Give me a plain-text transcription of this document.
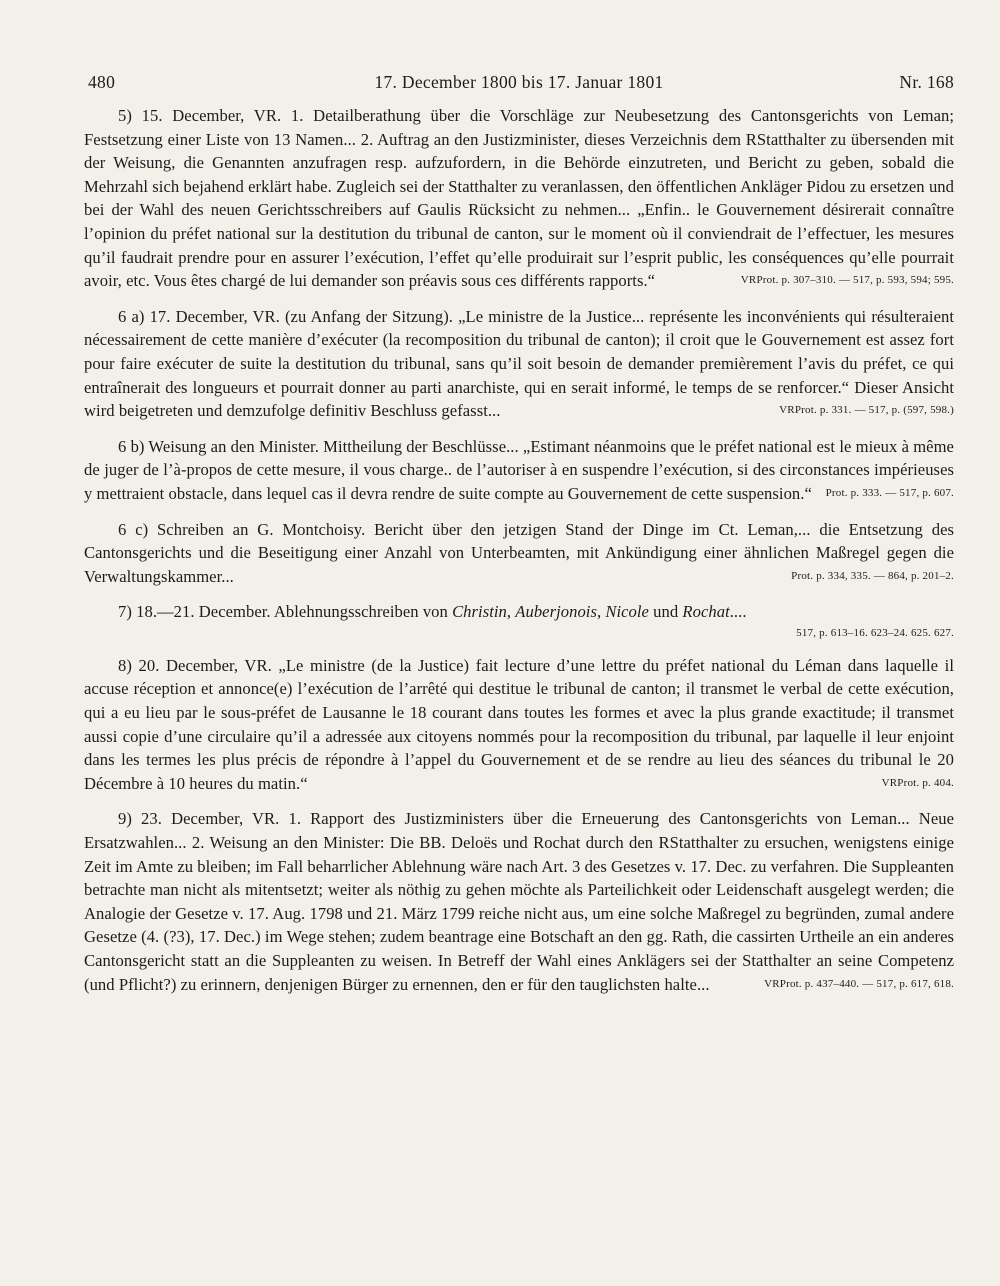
480	17. December 1800 bis 17. Januar 1801	Nr. 168

5) 15. December, VR. 1. Detailberathung über die Vorschläge zur Neubesetzung des Cantonsgerichts von Leman; Festsetzung einer Liste von 13 Namen... 2. Auftrag an den Justizminister, dieses Verzeichnis dem RStatthalter zu übersenden mit der Weisung, die Genannten anzufragen resp. aufzufordern, in die Behörde einzutreten, und Bericht zu geben, sobald die Mehrzahl sich bejahend erklärt habe. Zugleich sei der Statthalter zu veranlassen, den öffentlichen Ankläger Pidou zu ersetzen und bei der Wahl des neuen Gerichtsschreibers auf Gaulis Rücksicht zu nehmen... „Enfin.. le Gouvernement désirerait connaître l’opinion du préfet national sur la destitution du tribunal de canton, sur le moment où il conviendrait de l’effectuer, les mesures qu’il faudrait prendre pour en assurer l’exécution, l’effet qu’elle produirait sur l’esprit public, les conséquences qu’elle pourrait avoir, etc. Vous êtes chargé de lui demander son préavis sous ces différents rapports.“	VRProt. p. 307–310. — 517, p. 593, 594; 595.

6 a) 17. December, VR. (zu Anfang der Sitzung). „Le ministre de la Justice... représente les inconvénients qui résulteraient nécessairement de cette manière d’exécuter (la recomposition du tribunal de canton); il croit que le Gouvernement est assez fort pour faire exécuter de suite la destitution du tribunal, sans qu’il soit besoin de demander premièrement l’avis du préfet, ce qui entraînerait des longueurs et pourrait donner au parti anarchiste, qui en serait informé, le temps de se renforcer.“ Dieser Ansicht wird beigetreten und demzufolge definitiv Beschluss gefasst...	VRProt. p. 331. — 517, p. (597, 598.)

6 b) Weisung an den Minister. Mittheilung der Beschlüsse... „Estimant néanmoins que le préfet national est le mieux à même de juger de l’à-propos de cette mesure, il vous charge.. de l’autoriser à en suspendre l’exécution, si des circonstances impérieuses y mettraient obstacle, dans lequel cas il devra rendre de suite compte au Gouvernement de cette suspension.“	Prot. p. 333. — 517, p. 607.

6 c) Schreiben an G. Montchoisy. Bericht über den jetzigen Stand der Dinge im Ct. Leman,... die Entsetzung des Cantonsgerichts und die Beseitigung einer Anzahl von Unterbeamten, mit Ankündigung einer ähnlichen Maßregel gegen die Verwaltungskammer...	Prot. p. 334, 335. — 864, p. 201–2.

7) 18.—21. December. Ablehnungsschreiben von Christin, Auberjonois, Nicole und Rochat....
517, p. 613–16. 623–24. 625. 627.

8) 20. December, VR. „Le ministre (de la Justice) fait lecture d’une lettre du préfet national du Léman dans laquelle il accuse réception et annonce(e) l’exécution de l’arrêté qui destitue le tribunal de canton; il transmet le verbal de cette exécution, qui a eu lieu par le sous-préfet de Lausanne le 18 courant dans toutes les formes et avec la plus grande exactitude; il transmet aussi copie d’une circulaire qu’il a adressée aux citoyens nommés pour la recomposition du tribunal, par laquelle il leur enjoint dans les termes les plus précis de répondre à l’appel du Gouvernement et de se rendre au lieu des séances du tribunal le 20 Décembre à 10 heures du matin.“	VRProt. p. 404.

9) 23. December, VR. 1. Rapport des Justizministers über die Erneuerung des Cantonsgerichts von Leman... Neue Ersatzwahlen... 2. Weisung an den Minister: Die BB. Deloës und Rochat durch den RStatthalter zu ersuchen, wenigstens einige Zeit im Amte zu bleiben; im Fall beharrlicher Ablehnung wäre nach Art. 3 des Gesetzes v. 17. Dec. zu verfahren. Die Suppleanten betrachte man nicht als mitentsetzt; weiter als nöthig zu gehen möchte als Parteilichkeit oder Leidenschaft ausgelegt werden; die Analogie der Gesetze v. 17. Aug. 1798 und 21. März 1799 reiche nicht aus, um eine solche Maßregel zu begründen, zumal andere Gesetze (4. (?3), 17. Dec.) im Wege stehen; zudem beantrage eine Botschaft an den gg. Rath, die cassirten Urtheile an ein anderes Cantonsgericht statt an die Suppleanten zu weisen. In Betreff der Wahl eines Anklägers sei der Statthalter an seine Competenz (und Pflicht?) zu erinnern, denjenigen Bürger zu ernennen, den er für den tauglichsten halte...	VRProt. p. 437–440. — 517, p. 617, 618.
